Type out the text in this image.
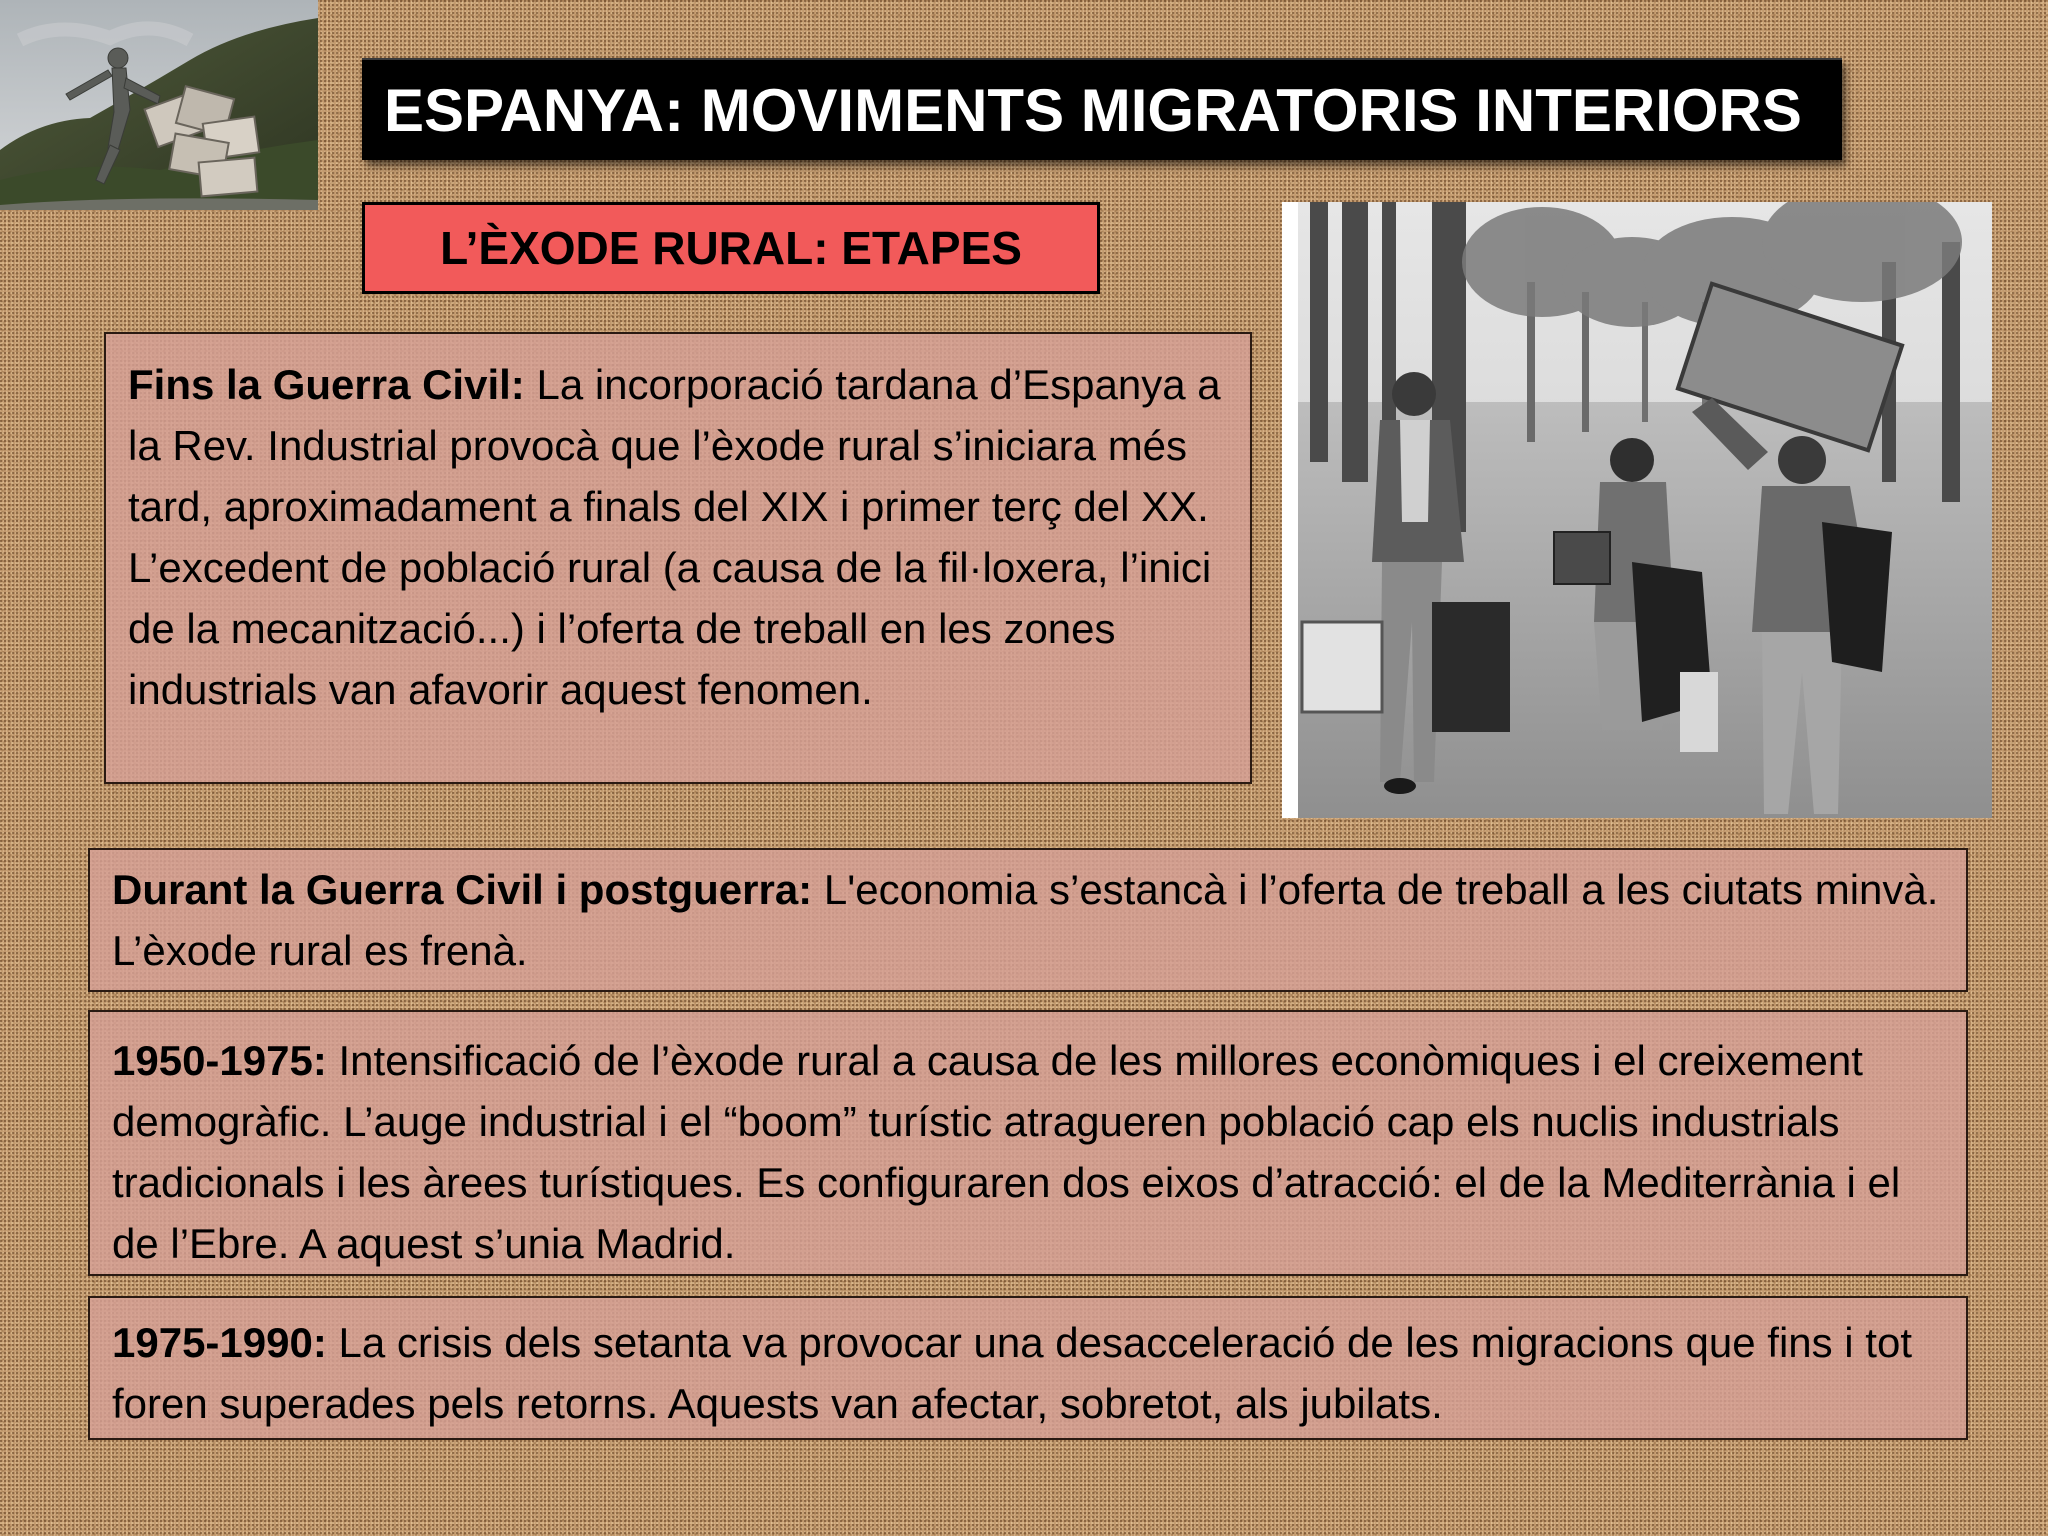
ESPANYA: MOVIMENTS MIGRATORIS INTERIORS
L’ÈXODE RURAL: ETAPES
Fins la Guerra Civil: La incorporació tardana d’Espanya a la Rev. Industrial provocà que l’èxode rural s’iniciara més tard, aproximadament a finals del XIX i primer terç del XX. L’excedent de població rural (a causa de la fil·loxera, l’inici de la mecanització...) i l’oferta de treball en les zones industrials van afavorir aquest fenomen.
Durant la Guerra Civil i postguerra: L'economia s’estancà i l’oferta de treball a les ciutats minvà. L’èxode rural es frenà.
1950-1975: Intensificació de l’èxode rural a causa de les millores econòmiques i el creixement demogràfic. L’auge industrial i el “boom” turístic atragueren població cap els nuclis industrials tradicionals i les àrees turístiques. Es configuraren dos eixos d’atracció: el de la Mediterrània i el de l’Ebre. A aquest s’unia Madrid.
1975-1990: La crisis dels setanta va provocar una desacceleració de les migracions que fins i tot foren superades pels retorns. Aquests van afectar, sobretot, als jubilats.
